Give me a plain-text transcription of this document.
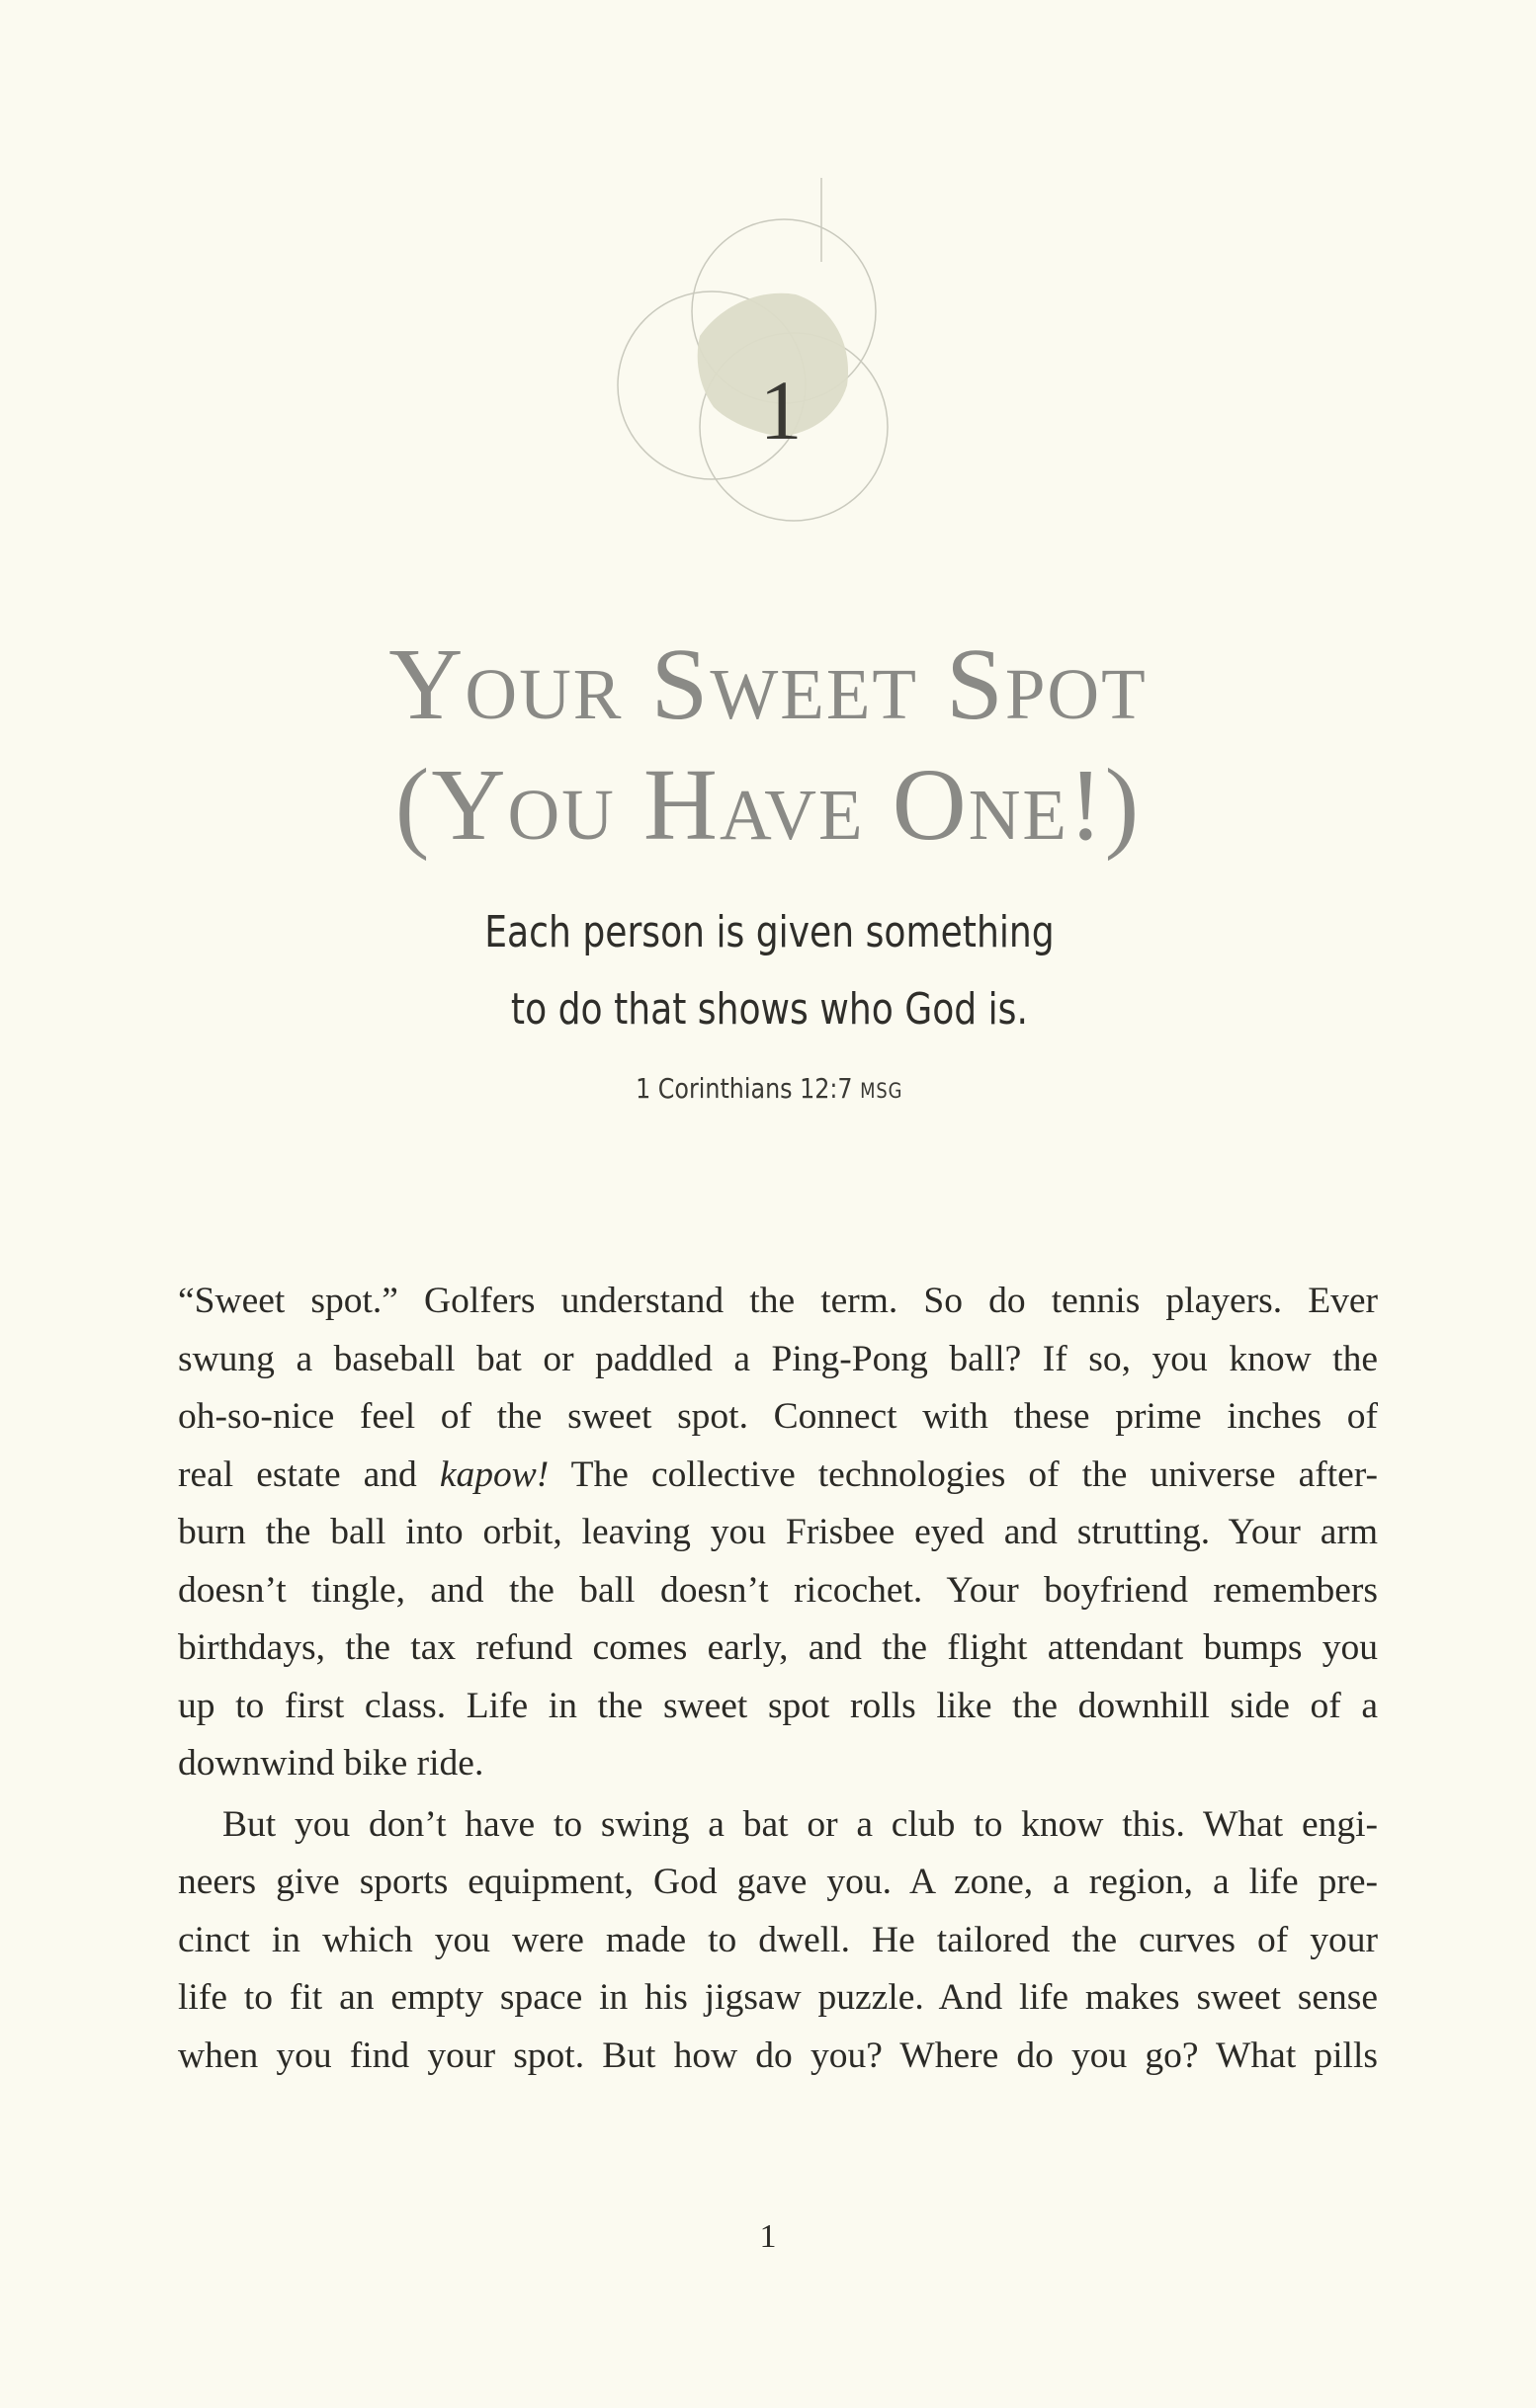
1
Your Sweet Spot
(You Have One!)
Each person is given something
to do that shows who God is.
1 Corinthians 12:7 MSG

“Sweet spot.” Golfers understand the term. So do tennis players. Ever
swung a baseball bat or paddled a Ping-Pong ball? If so, you know the
oh-so-nice feel of the sweet spot. Connect with these prime inches of
real estate and kapow! The collective technologies of the universe after-
burn the ball into orbit, leaving you Frisbee eyed and strutting. Your arm
doesn’t tingle, and the ball doesn’t ricochet. Your boyfriend remembers
birthdays, the tax refund comes early, and the flight attendant bumps you
up to first class. Life in the sweet spot rolls like the downhill side of a
downwind bike ride.

But you don’t have to swing a bat or a club to know this. What engi-
neers give sports equipment, God gave you. A zone, a region, a life pre-
cinct in which you were made to dwell. He tailored the curves of your
life to fit an empty space in his jigsaw puzzle. And life makes sweet sense
when you find your spot. But how do you? Where do you go? What pills

1
